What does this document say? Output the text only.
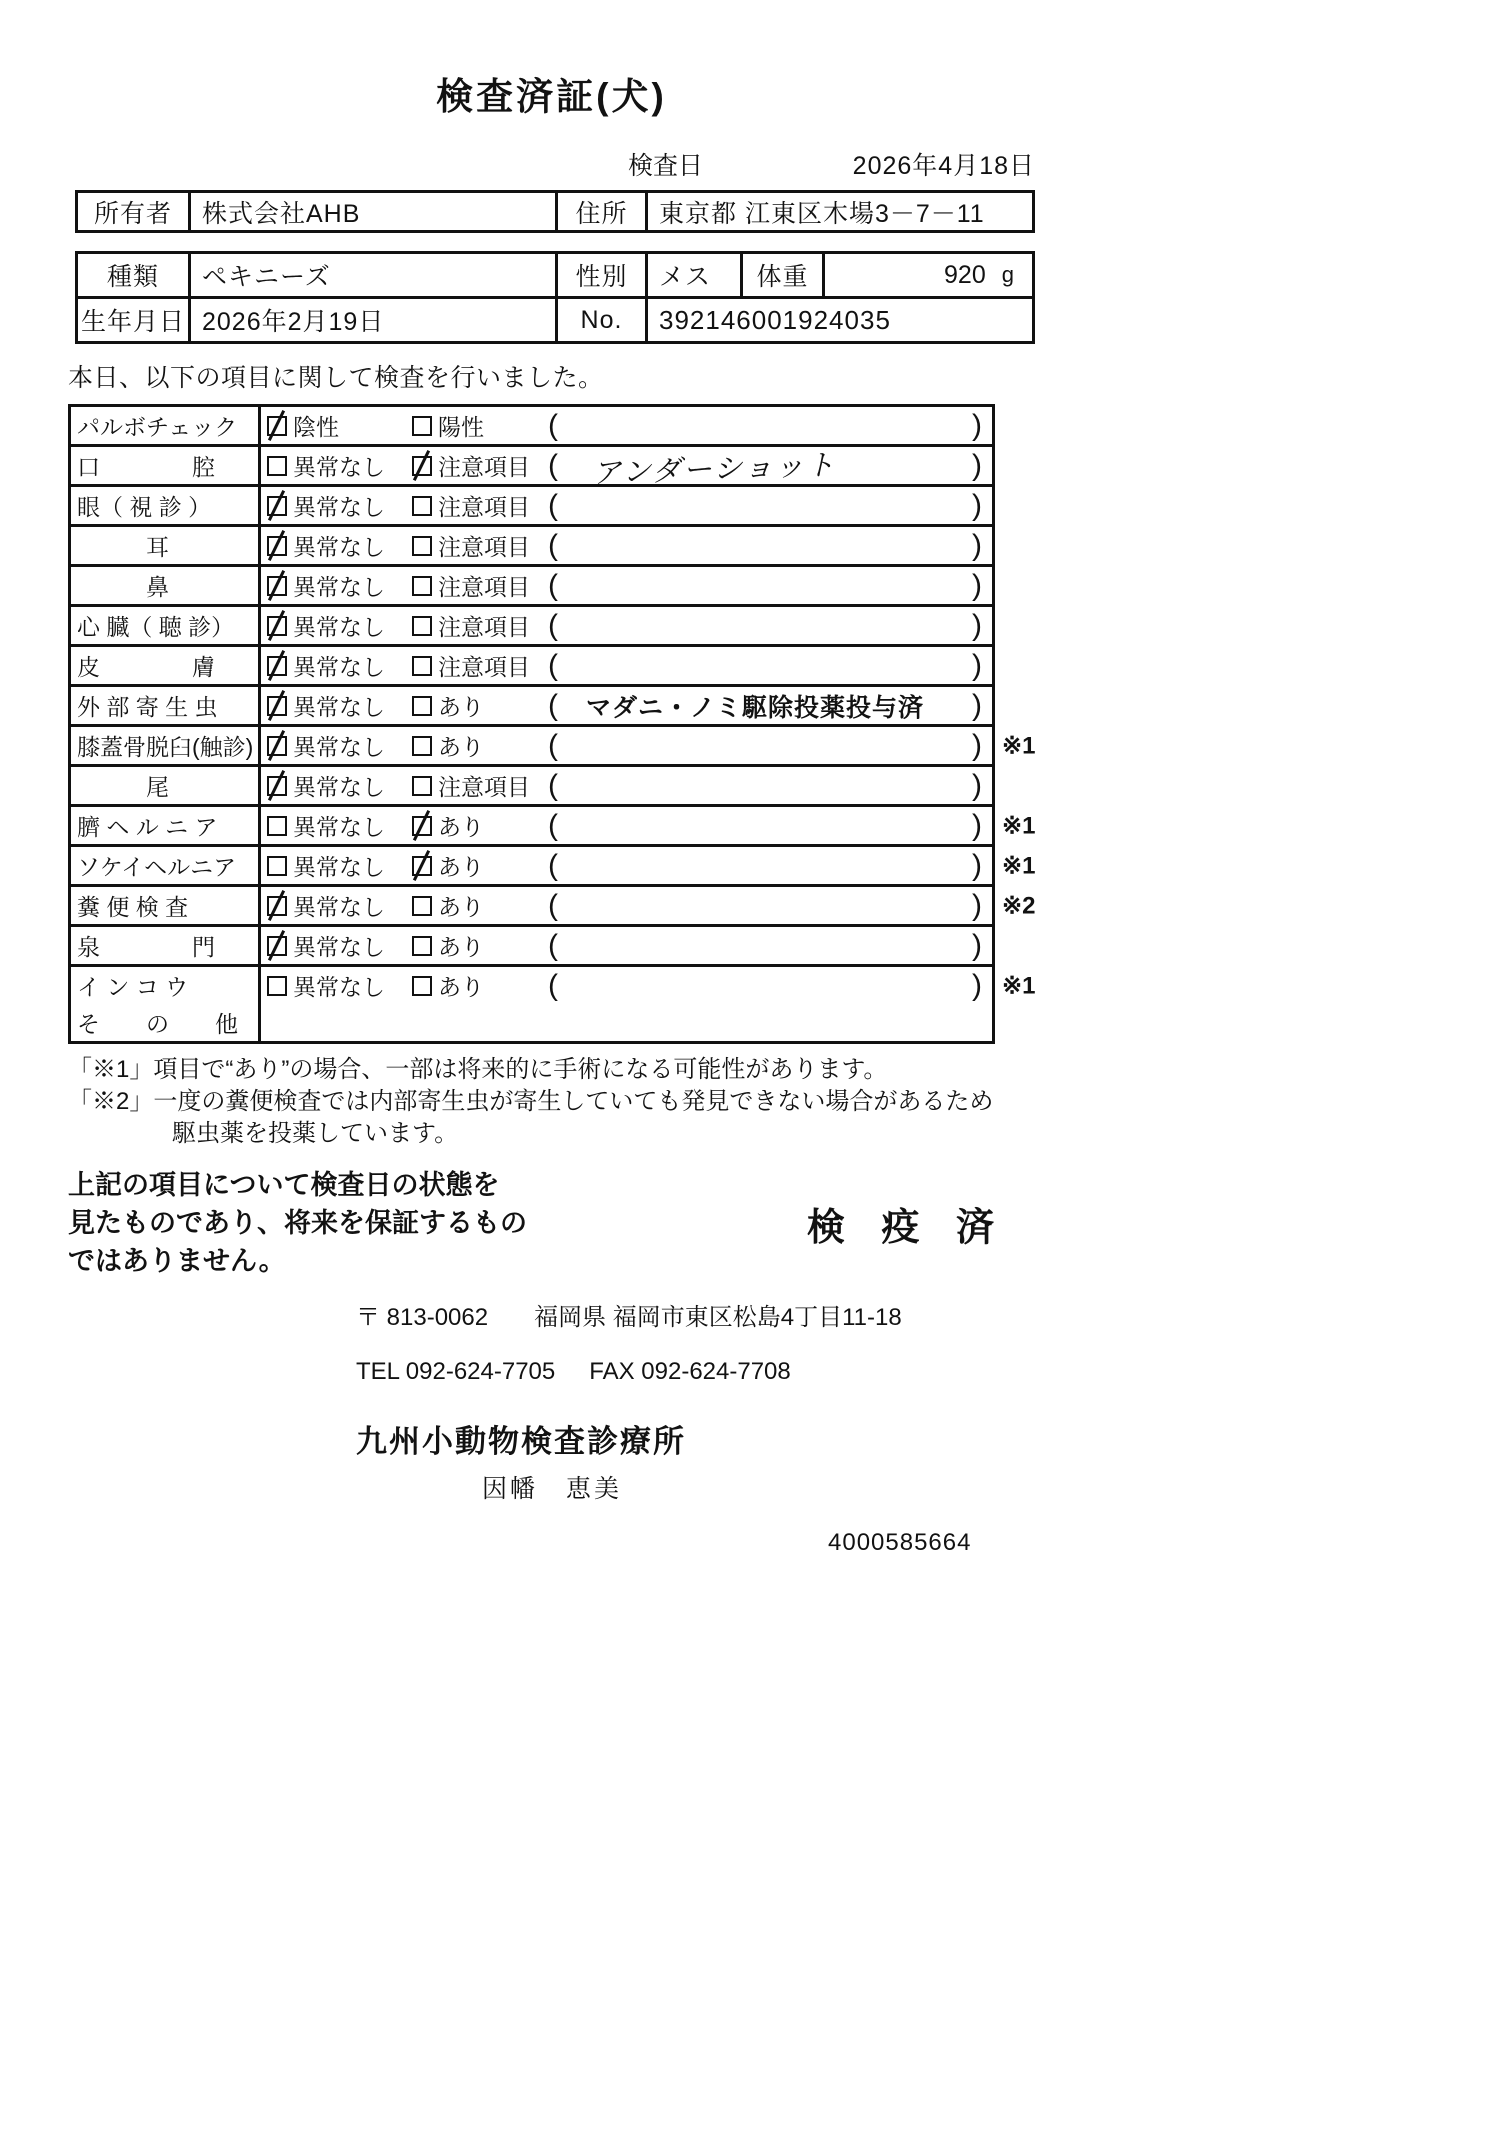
検査済証(犬)
検査日	2026年4月18日
所有者	株式会社AHB	住所	東京都 江東区木場3－7－11
種類	ペキニーズ	性別	メス	体重	920 g
生年月日 2026年2月19日	No.	392146001924035
本日、以下の項目に関して検査を行いました。
パルボチェック	陰性	陽性 (	)
口　　　　腔	異常なし 注意項目 (	アンダーショット	)
眼（ 視 診 ）	異常なし 注意項目 (	)
　　　耳	異常なし 注意項目 (	)
　　　鼻	異常なし 注意項目 (	)
心 臓（ 聴 診）	異常なし 注意項目 (	)
皮　　　　膚	異常なし 注意項目 (	)
外 部 寄 生 虫	異常なし あり (	マダニ・ノミ駆除投薬投与済	)
膝蓋骨脱臼(触診)	異常なし あり (	) ※1
　　　尾	異常なし 注意項目 (	)
臍 ヘ ル ニ ア	異常なし あり (	) ※1
ソケイヘルニア	異常なし あり (	) ※1
糞 便 検 査	異常なし あり (	) ※2
泉　　　　門	異常なし あり (	)
イ ン コ ウ	異常なし あり (	) ※1
そ　　の　　他
「※1」項目で“あり”の場合、一部は将来的に手術になる可能性があります。
「※2」一度の糞便検査では内部寄生虫が寄生していても発見できない場合があるため
駆虫薬を投薬しています。
上記の項目について検査日の状態を
見たものであり、将来を保証するもの
ではありません。
検 疫 済
〒 813-0062 福岡県 福岡市東区松島4丁目11-18
TEL 092-624-7705 FAX 092-624-7708
九州小動物検査診療所
因幡　恵美
4000585664
